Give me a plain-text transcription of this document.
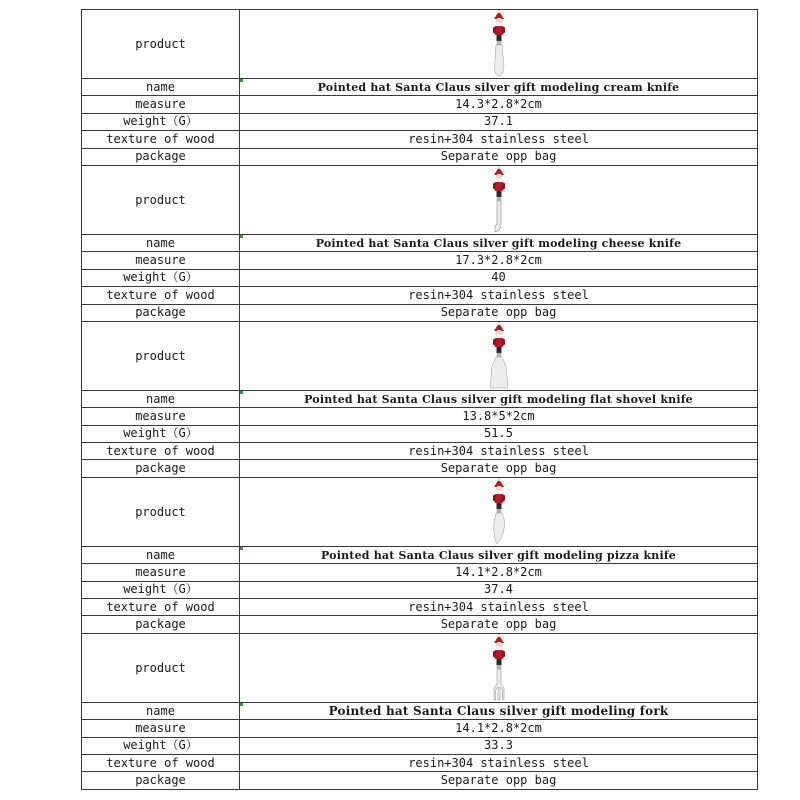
product	

name	Pointed hat Santa Claus silver gift modeling cream knife

measure	14.3*2.8*2cm
weight（G）	37.1
texture of wood	resin+304 stainless steel
package	Separate opp bag
product	

name	Pointed hat Santa Claus silver gift modeling cheese knife

measure	17.3*2.8*2cm
weight（G）	40
texture of wood	resin+304 stainless steel
package	Separate opp bag
product	

name	Pointed hat Santa Claus silver gift modeling flat shovel knife

measure	13.8*5*2cm
weight（G）	51.5
texture of wood	resin+304 stainless steel
package	Separate opp bag
product	

name	Pointed hat Santa Claus silver gift modeling pizza knife

measure	14.1*2.8*2cm
weight（G）	37.4
texture of wood	resin+304 stainless steel
package	Separate opp bag
product	

name	Pointed hat Santa Claus silver gift modeling fork

measure	14.1*2.8*2cm
weight（G）	33.3
texture of wood	resin+304 stainless steel
package	Separate opp bag
